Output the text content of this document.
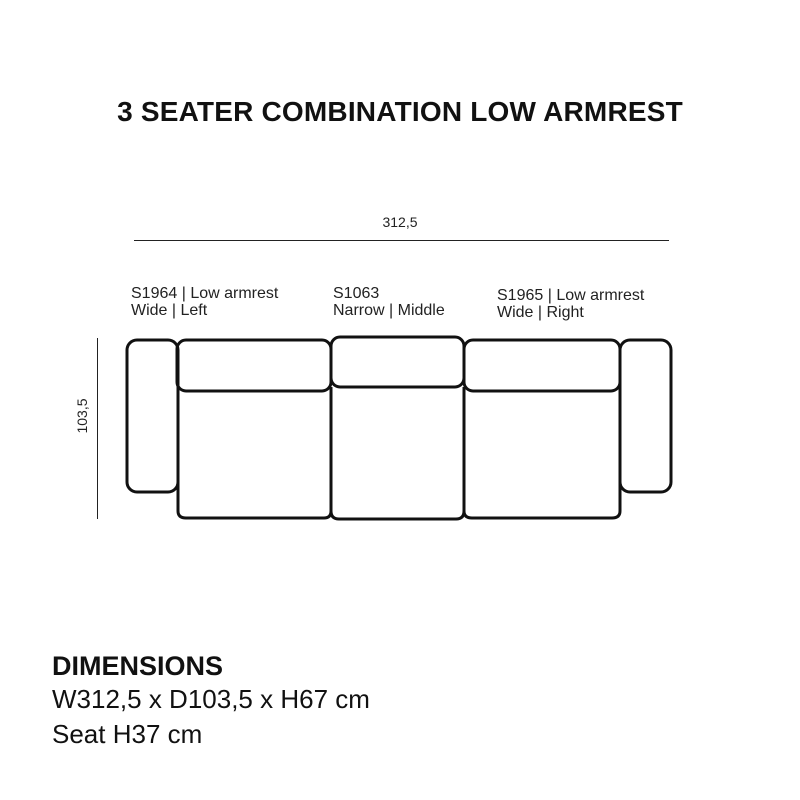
3 SEATER COMBINATION LOW ARMREST
312,5
103,5
S1964 | Low armrest
Wide | Left
S1063
Narrow | Middle
S1965 | Low armrest
Wide | Right
DIMENSIONS
W312,5 x D103,5 x H67 cm
Seat H37 cm
